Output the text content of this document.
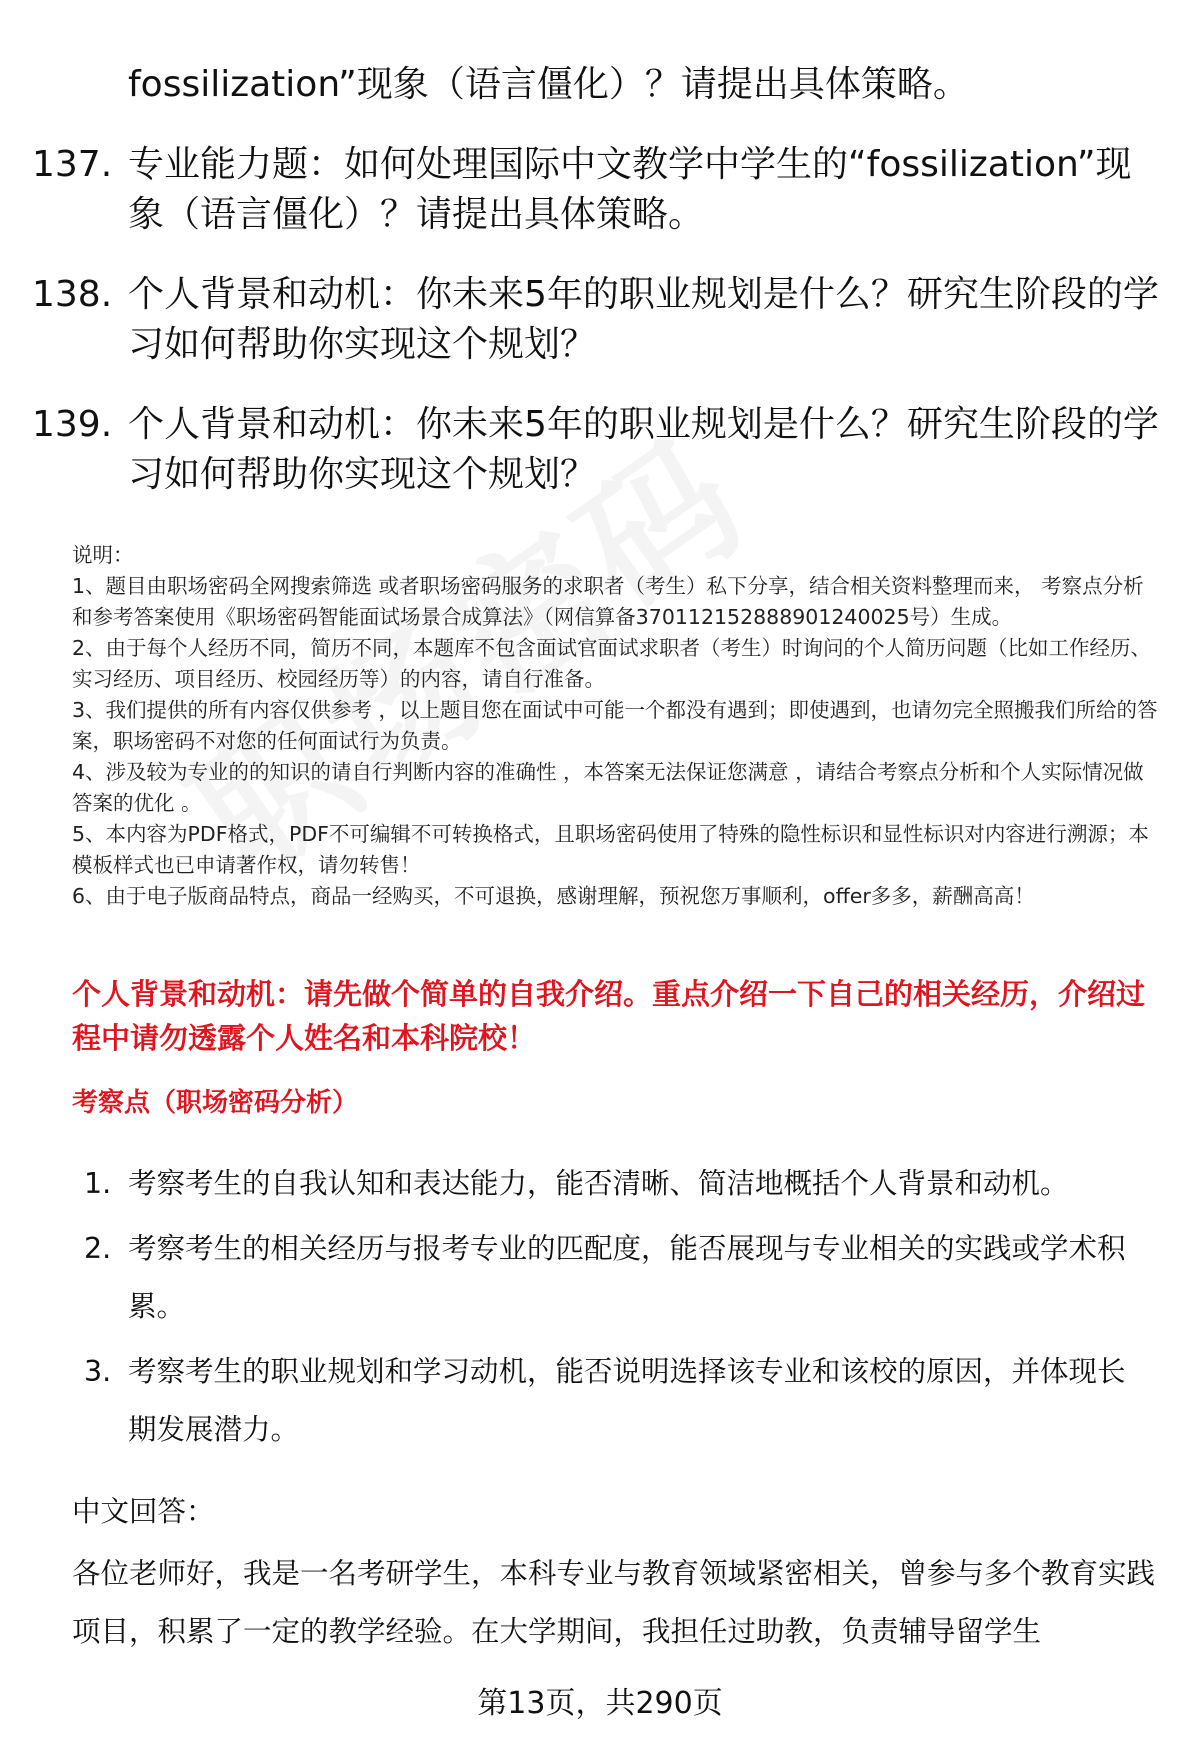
fossilization”现象（语言僵化）？请提出具体策略。
137. 专业能力题：如何处理国际中文教学中学生的“fossilization”现象（语言僵化）？请提出具体策略。
138. 个人背景和动机：你未来5年的职业规划是什么？研究生阶段的学习如何帮助你实现这个规划？
139. 个人背景和动机：你未来5年的职业规划是什么？研究生阶段的学习如何帮助你实现这个规划？

说明：

1、题目由职场密码全网搜索筛选 或者职场密码服务的求职者（考生）私下分享，结合相关资料整理而来， 考察点分析和参考答案使用《职场密码智能面试场景合成算法》（网信算备370112152888901240025号）生成。

2、由于每个人经历不同，简历不同，本题库不包含面试官面试求职者（考生）时询问的个人简历问题（比如工作经历、实习经历、项目经历、校园经历等）的内容，请自行准备。

3、我们提供的所有内容仅供参考 ，以上题目您在面试中可能一个都没有遇到；即使遇到，也请勿完全照搬我们所给的答案，职场密码不对您的任何面试行为负责。

4、涉及较为专业的的知识的请自行判断内容的准确性 ，本答案无法保证您满意 ，请结合考察点分析和个人实际情况做答案的优化 。

5、本内容为PDF格式，PDF不可编辑不可转换格式，且职场密码使用了特殊的隐性标识和显性标识对内容进行溯源；本模板样式也已申请著作权，请勿转售！

6、由于电子版商品特点，商品一经购买，不可退换，感谢理解，预祝您万事顺利，offer多多，薪酬高高！

个人背景和动机：请先做个简单的自我介绍。重点介绍一下自己的相关经历，介绍过程中请勿透露个人姓名和本科院校！
考察点（职场密码分析）
1. 考察考生的自我认知和表达能力，能否清晰、简洁地概括个人背景和动机。
2. 考察考生的相关经历与报考专业的匹配度，能否展现与专业相关的实践或学术积累。
3. 考察考生的职业规划和学习动机，能否说明选择该专业和该校的原因，并体现长期发展潜力。
中文回答：
各位老师好，我是一名考研学生，本科专业与教育领域紧密相关，曾参与多个教育实践项目，积累了一定的教学经验。在大学期间，我担任过助教，负责辅导留学生
第13页，共290页
